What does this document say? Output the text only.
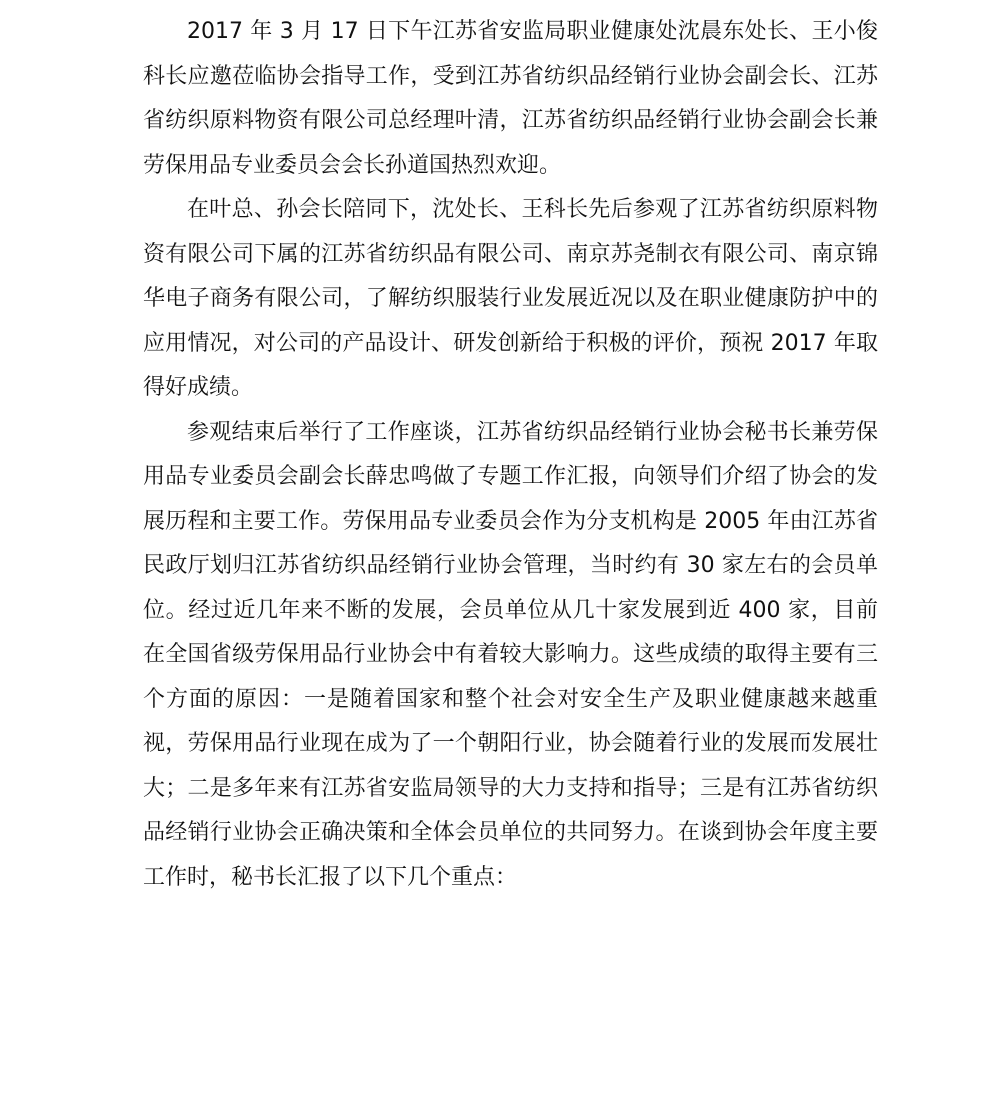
2017 年 3 月 17 日下午江苏省安监局职业健康处沈晨东处长、王小俊科长应邀莅临协会指导工作，受到江苏省纺织品经销行业协会副会长、江苏省纺织原料物资有限公司总经理叶清，江苏省纺织品经销行业协会副会长兼劳保用品专业委员会会长孙道国热烈欢迎。

在叶总、孙会长陪同下，沈处长、王科长先后参观了江苏省纺织原料物资有限公司下属的江苏省纺织品有限公司、南京苏尧制衣有限公司、南京锦华电子商务有限公司，了解纺织服装行业发展近况以及在职业健康防护中的应用情况，对公司的产品设计、研发创新给于积极的评价，预祝 2017 年取得好成绩。

参观结束后举行了工作座谈，江苏省纺织品经销行业协会秘书长兼劳保用品专业委员会副会长薛忠鸣做了专题工作汇报，向领导们介绍了协会的发展历程和主要工作。劳保用品专业委员会作为分支机构是 2005 年由江苏省民政厅划归江苏省纺织品经销行业协会管理，当时约有 30 家左右的会员单位。经过近几年来不断的发展，会员单位从几十家发展到近 400 家，目前在全国省级劳保用品行业协会中有着较大影响力。这些成绩的取得主要有三个方面的原因：一是随着国家和整个社会对安全生产及职业健康越来越重视，劳保用品行业现在成为了一个朝阳行业，协会随着行业的发展而发展壮大；二是多年来有江苏省安监局领导的大力支持和指导；三是有江苏省纺织品经销行业协会正确决策和全体会员单位的共同努力。在谈到协会年度主要工作时，秘书长汇报了以下几个重点：
